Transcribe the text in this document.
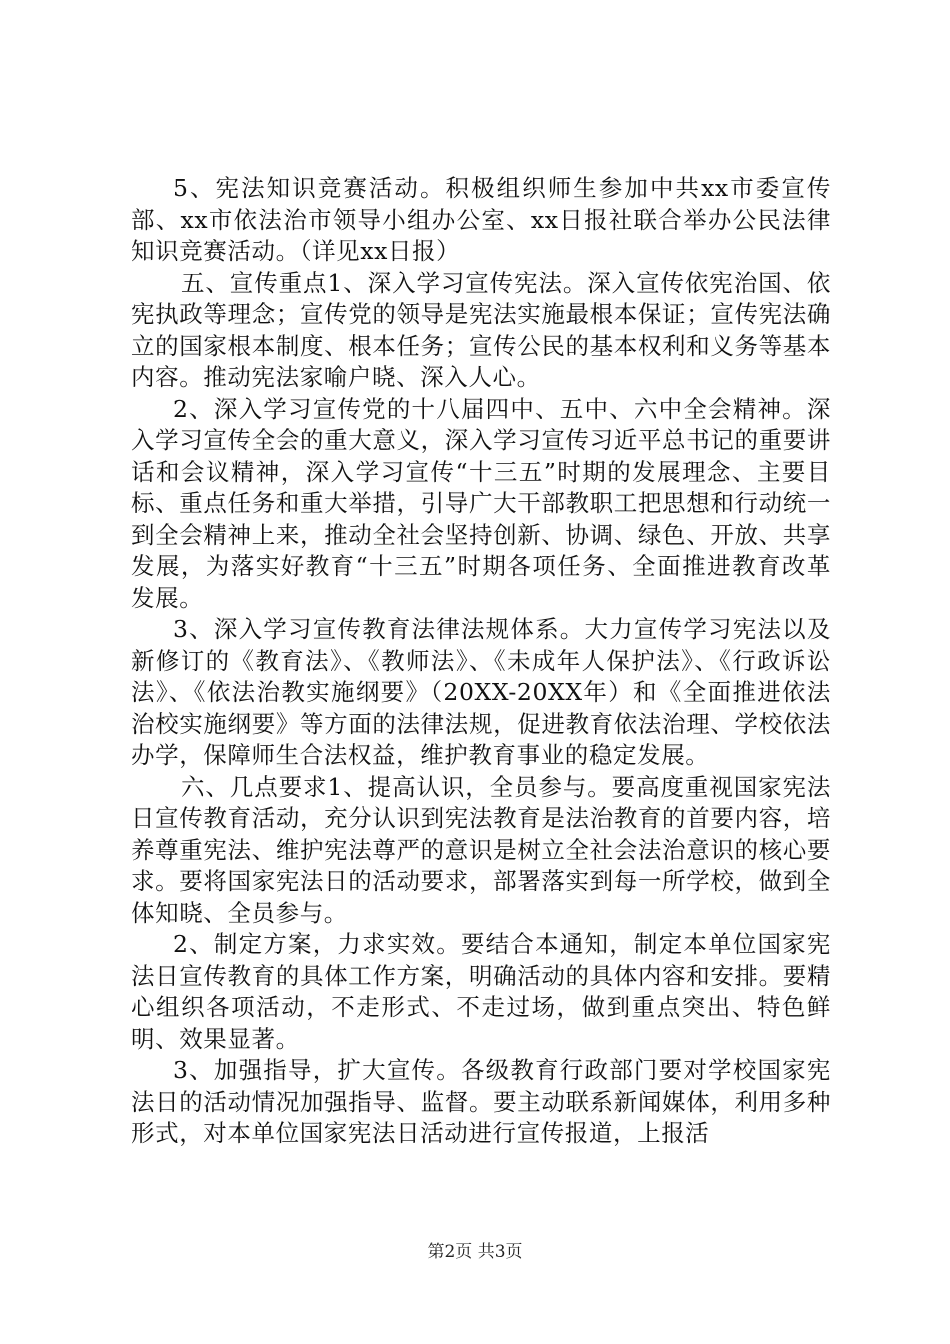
5、宪法知识竞赛活动。积极组织师生参加中共xx市委宣传部、xx市依法治市领导小组办公室、xx日报社联合举办公民法律知识竞赛活动。（详见xx日报）

五、宣传重点1、深入学习宣传宪法。深入宣传依宪治国、依宪执政等理念；宣传党的领导是宪法实施最根本保证；宣传宪法确立的国家根本制度、根本任务；宣传公民的基本权利和义务等基本内容。推动宪法家喻户晓、深入人心。

2、深入学习宣传党的十八届四中、五中、六中全会精神。深入学习宣传全会的重大意义，深入学习宣传习近平总书记的重要讲话和会议精神，深入学习宣传“十三五”时期的发展理念、主要目标、重点任务和重大举措，引导广大干部教职工把思想和行动统一到全会精神上来，推动全社会坚持创新、协调、绿色、开放、共享发展，为落实好教育“十三五”时期各项任务、全面推进教育改革发展。

3、深入学习宣传教育法律法规体系。大力宣传学习宪法以及新修订的《教育法》、《教师法》、《未成年人保护法》、《行政诉讼法》、《依法治教实施纲要》（20XX-20XX年）和《全面推进依法治校实施纲要》等方面的法律法规，促进教育依法治理、学校依法办学，保障师生合法权益，维护教育事业的稳定发展。

六、几点要求1、提高认识，全员参与。要高度重视国家宪法日宣传教育活动，充分认识到宪法教育是法治教育的首要内容，培养尊重宪法、维护宪法尊严的意识是树立全社会法治意识的核心要求。要将国家宪法日的活动要求，部署落实到每一所学校，做到全体知晓、全员参与。

2、制定方案，力求实效。要结合本通知，制定本单位国家宪法日宣传教育的具体工作方案，明确活动的具体内容和安排。要精心组织各项活动，不走形式、不走过场，做到重点突出、特色鲜明、效果显著。

3、加强指导，扩大宣传。各级教育行政部门要对学校国家宪法日的活动情况加强指导、监督。要主动联系新闻媒体，利用多种形式，对本单位国家宪法日活动进行宣传报道，上报活

第2页 共3页
